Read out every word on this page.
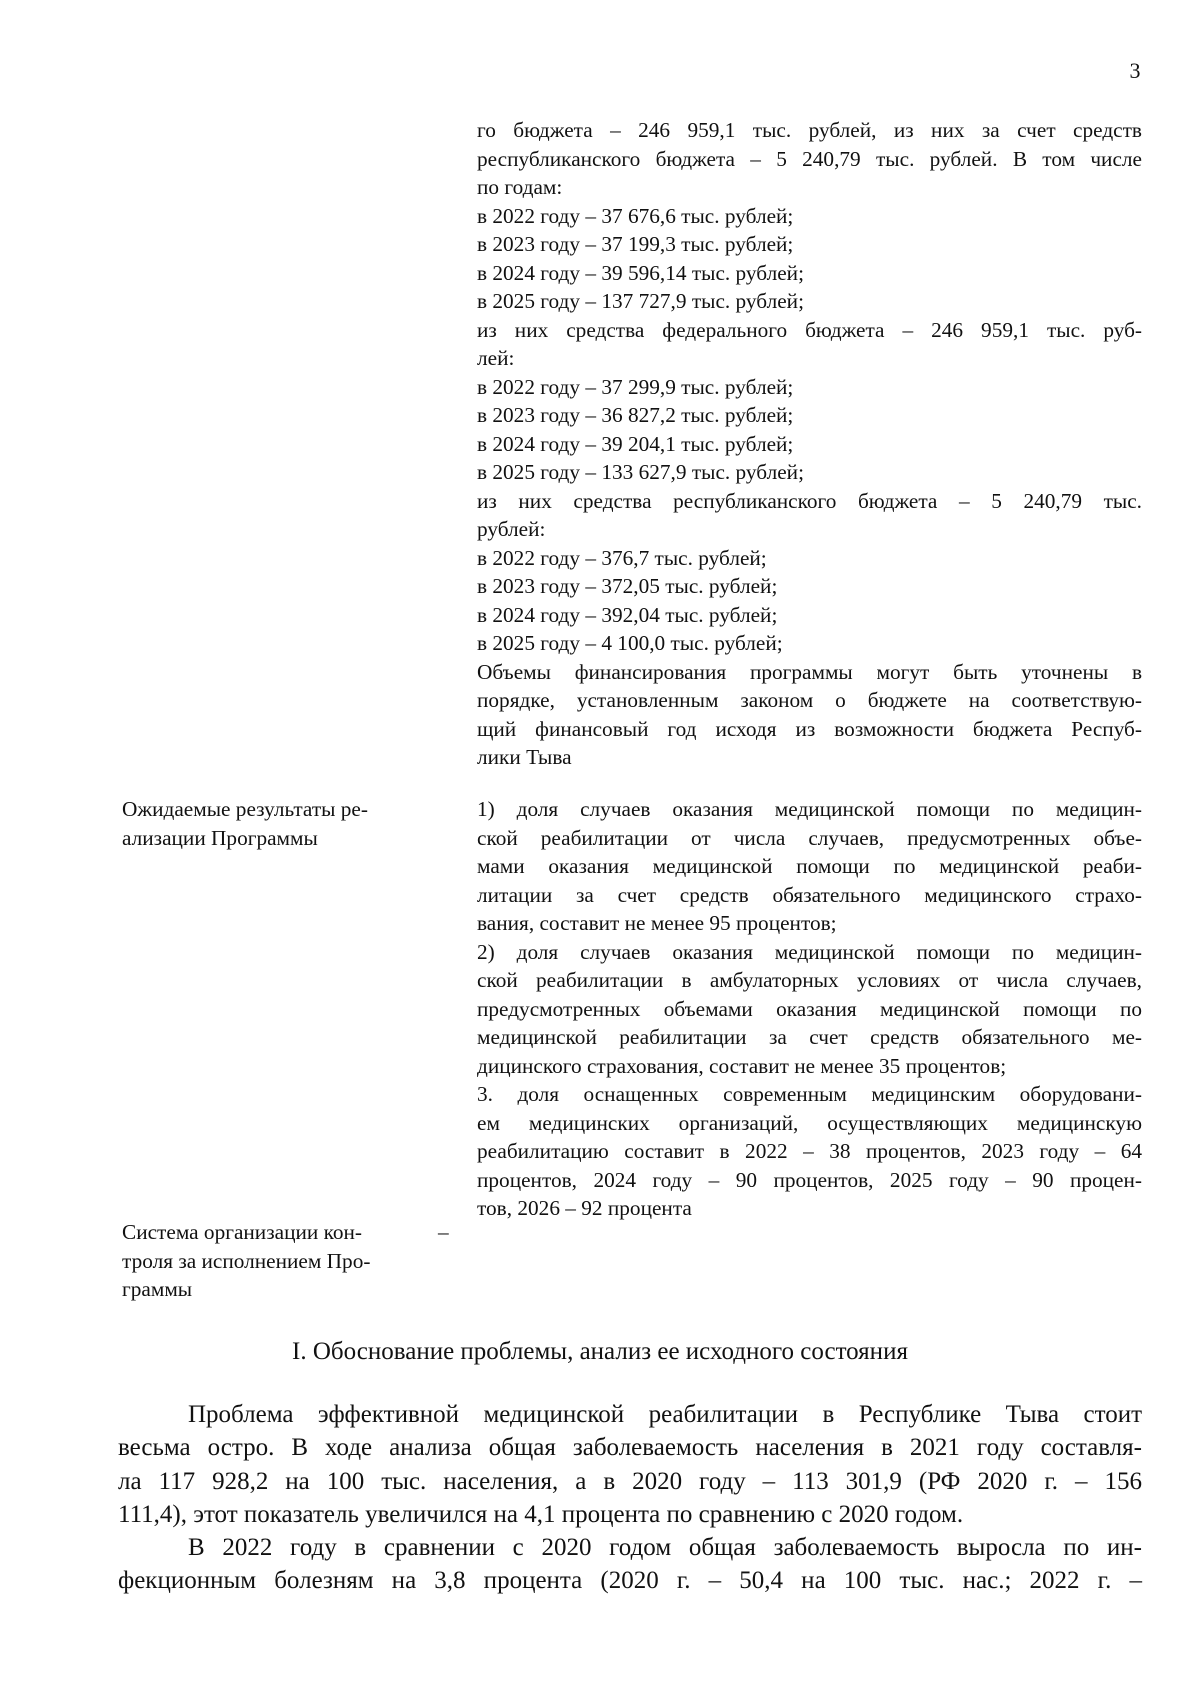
3
го бюджета – 246 959,1 тыс. рублей, из них за счет средств
республиканского бюджета – 5 240,79 тыс. рублей. В том числе
по годам:
в 2022 году – 37 676,6 тыс. рублей;
в 2023 году – 37 199,3 тыс. рублей;
в 2024 году – 39 596,14 тыс. рублей;
в 2025 году – 137 727,9 тыс. рублей;
из них средства федерального бюджета – 246 959,1 тыс. руб-
лей:
в 2022 году – 37 299,9 тыс. рублей;
в 2023 году – 36 827,2 тыс. рублей;
в 2024 году – 39 204,1 тыс. рублей;
в 2025 году – 133 627,9 тыс. рублей;
из них средства республиканского бюджета – 5 240,79 тыс.
рублей:
в 2022 году – 376,7 тыс. рублей;
в 2023 году – 372,05 тыс. рублей;
в 2024 году – 392,04 тыс. рублей;
в 2025 году – 4 100,0 тыс. рублей;
Объемы финансирования программы могут быть уточнены в
порядке, установленным законом о бюджете на соответствую-
щий финансовый год исходя из возможности бюджета Респуб-
лики Тыва
Ожидаемые результаты ре-
ализации Программы
1) доля случаев оказания медицинской помощи по медицин-
ской реабилитации от числа случаев, предусмотренных объе-
мами оказания медицинской помощи по медицинской реаби-
литации за счет средств обязательного медицинского страхо-
вания, составит не менее 95 процентов;
2) доля случаев оказания медицинской помощи по медицин-
ской реабилитации в амбулаторных условиях от числа случаев,
предусмотренных объемами оказания медицинской помощи по
медицинской реабилитации за счет средств обязательного ме-
дицинского страхования, составит не менее 35 процентов;
3. доля оснащенных современным медицинским оборудовани-
ем медицинских организаций, осуществляющих медицинскую
реабилитацию составит в 2022 – 38 процентов, 2023 году – 64
процентов, 2024 году – 90 процентов, 2025 году – 90 процен-
тов, 2026 – 92 процента
Система организации кон-
троля за исполнением Про-
граммы
–
I. Обоснование проблемы, анализ ее исходного состояния
Проблема эффективной медицинской реабилитации в Республике Тыва стоит
весьма остро. В ходе анализа общая заболеваемость населения в 2021 году составля-
ла 117 928,2 на 100 тыс. населения, а в 2020 году – 113 301,9 (РФ 2020 г. – 156
111,4), этот показатель увеличился на 4,1 процента по сравнению с 2020 годом.
В 2022 году в сравнении с 2020 годом общая заболеваемость выросла по ин-
фекционным болезням на 3,8 процента (2020 г. – 50,4 на 100 тыс. нас.; 2022 г. –
